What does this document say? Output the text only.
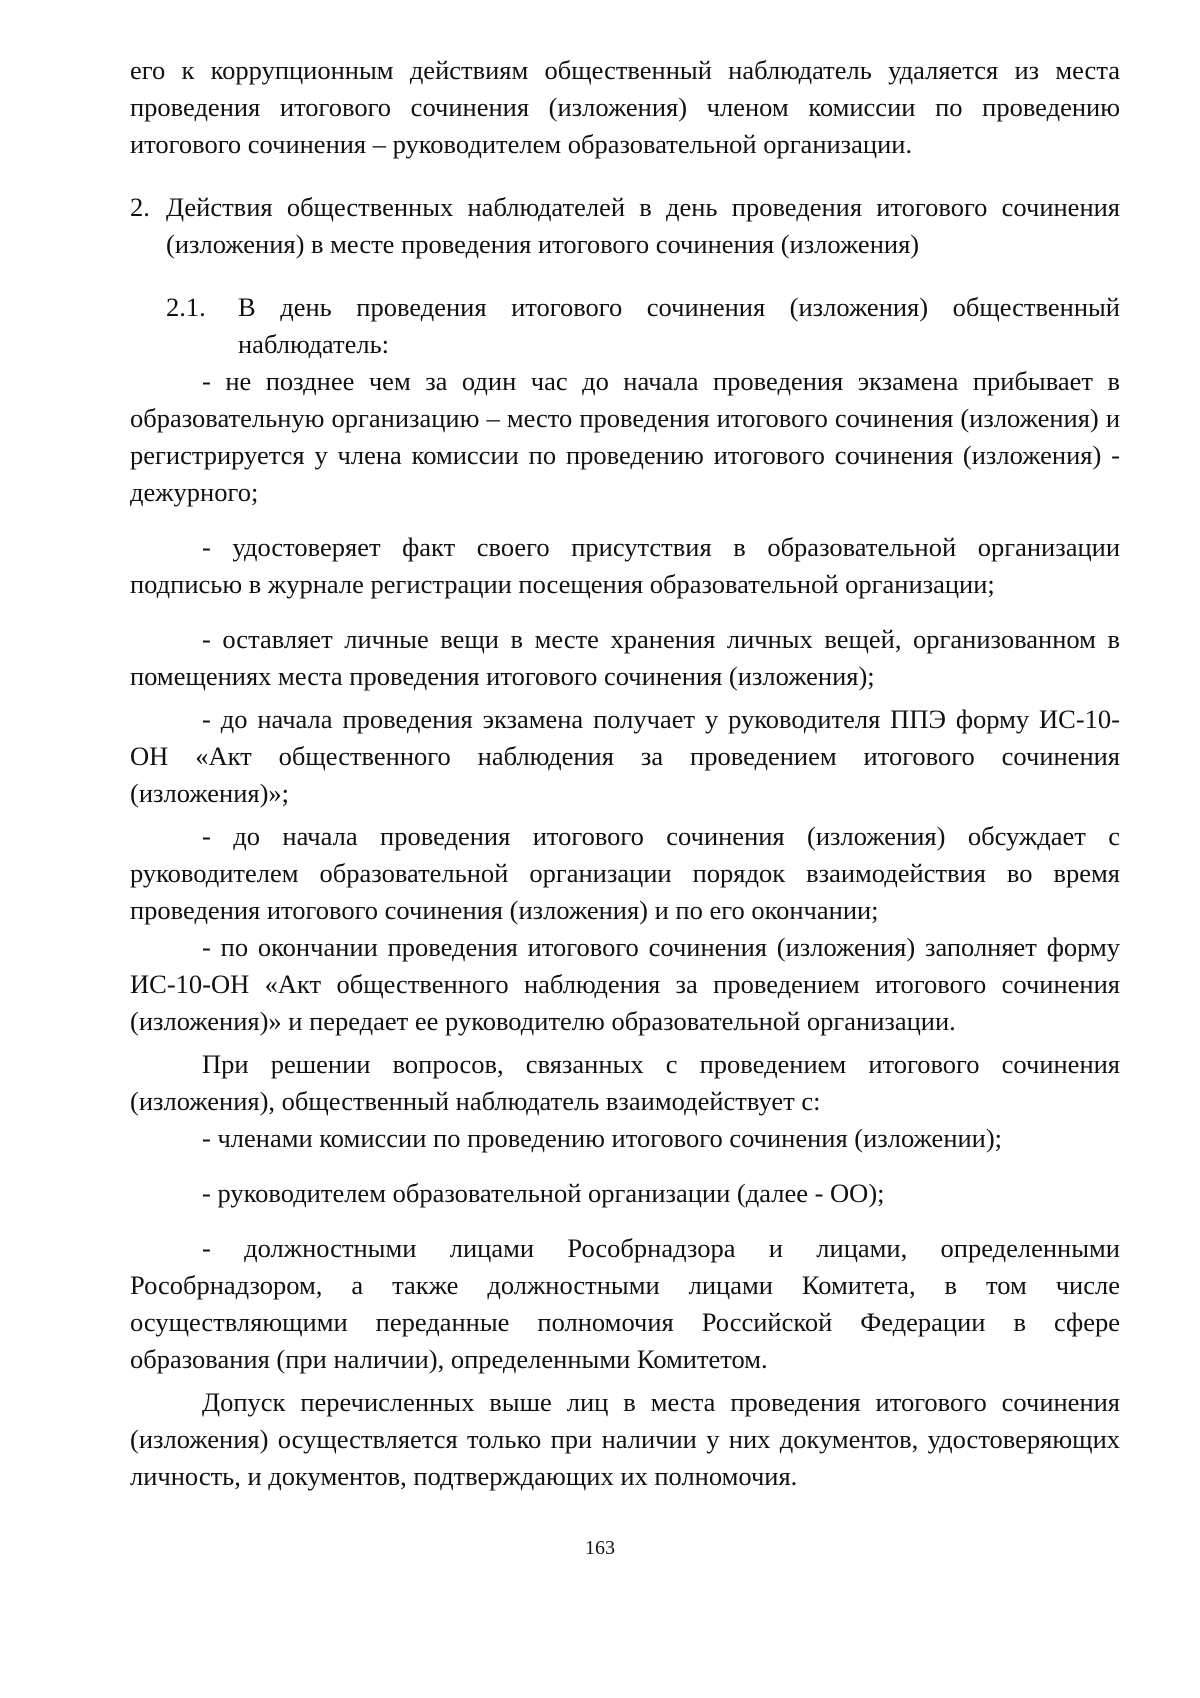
его к коррупционным действиям общественный наблюдатель удаляется из места проведения итогового сочинения (изложения) членом комиссии по проведению итогового сочинения – руководителем образовательной организации.

2. Действия общественных наблюдателей в день проведения итогового сочинения (изложения) в месте проведения итогового сочинения (изложения)
2.1.	В день проведения итогового сочинения (изложения) общественный наблюдатель:

- не позднее чем за один час до начала проведения экзамена прибывает в образовательную организацию – место проведения итогового сочинения (изложения) и регистрируется у члена комиссии по проведению итогового сочинения (изложения) - дежурного;

- удостоверяет факт своего присутствия в образовательной организации подписью в журнале регистрации посещения образовательной организации;

- оставляет личные вещи в месте хранения личных вещей, организованном в помещениях места проведения итогового сочинения (изложения);

- до начала проведения экзамена получает у руководителя ППЭ форму ИС-10-ОН «Акт общественного наблюдения за проведением итогового сочинения (изложения)»;

- до начала проведения итогового сочинения (изложения) обсуждает с руководителем образовательной организации порядок взаимодействия во время проведения итогового сочинения (изложения) и по его окончании;

- по окончании проведения итогового сочинения (изложения) заполняет форму ИС-10-ОН «Акт общественного наблюдения за проведением итогового сочинения (изложения)» и передает ее руководителю образовательной организации.

При решении вопросов, связанных с проведением итогового сочинения (изложения), общественный наблюдатель взаимодействует с:

- членами комиссии по проведению итогового сочинения (изложении);

- руководителем образовательной организации (далее - ОО);

- должностными лицами Рособрнадзора и лицами, определенными Рособрнадзором, а также должностными лицами Комитета, в том числе осуществляющими переданные полномочия Российской Федерации в сфере образования (при наличии), определенными Комитетом.

Допуск перечисленных выше лиц в места проведения итогового сочинения (изложения) осуществляется только при наличии у них документов, удостоверяющих личность, и документов, подтверждающих их полномочия.

163
